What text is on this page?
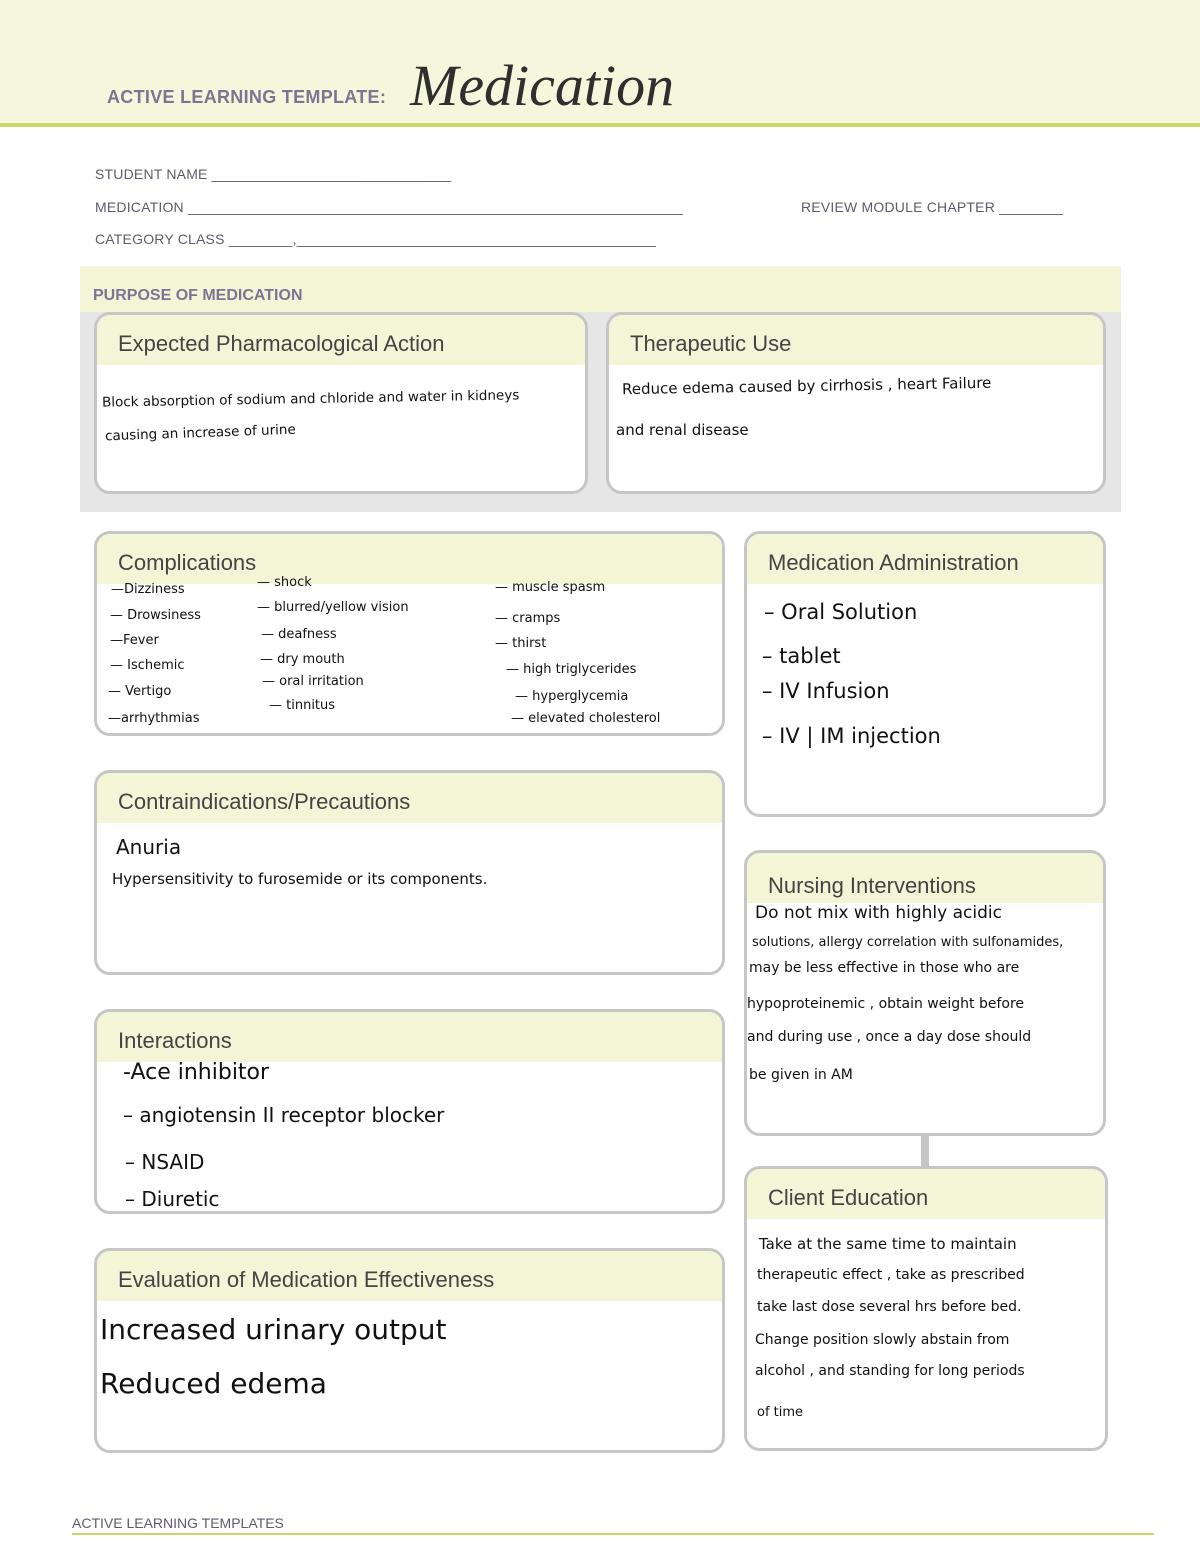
ACTIVE LEARNING TEMPLATE: Medication
STUDENT NAME ______________________________
MEDICATION ______________________________________________________________	REVIEW MODULE CHAPTER ________
CATEGORY CLASS ________,_____________________________________________
PURPOSE OF MEDICATION
Expected Pharmacological Action
Block absorption of sodium and chloride and water in kidneys
causing an increase of urine
Therapeutic Use
Reduce edema caused by cirrhosis , heart Failure
and renal disease
Complications
—Dizziness
— Drowsiness
—Fever
— Ischemic
— Vertigo
—arrhythmias
— shock
— blurred/yellow vision
— deafness
— dry mouth
— oral irritation
— tinnitus
— muscle spasm
— cramps
— thirst
— high triglycerides
— hyperglycemia
— elevated cholesterol
Medication Administration
– Oral Solution
– tablet
– IV Infusion
– IV | IM injection
Contraindications/Precautions
Anuria
Hypersensitivity to furosemide or its components.	Nursing Interventions
Do not mix with highly acidic
solutions, allergy correlation with sulfonamides,
may be less effective in those who are
hypoproteinemic , obtain weight before
and during use , once a day dose should
be given in AM
Interactions
-Ace inhibitor
– angiotensin II receptor blocker
– NSAID
– Diuretic	Client Education
Take at the same time to maintain
therapeutic effect , take as prescribed
take last dose several hrs before bed.
Change position slowly abstain from
alcohol , and standing for long periods
of time
Evaluation of Medication Effectiveness
Increased urinary output
Reduced edema
ACTIVE LEARNING TEMPLATES
